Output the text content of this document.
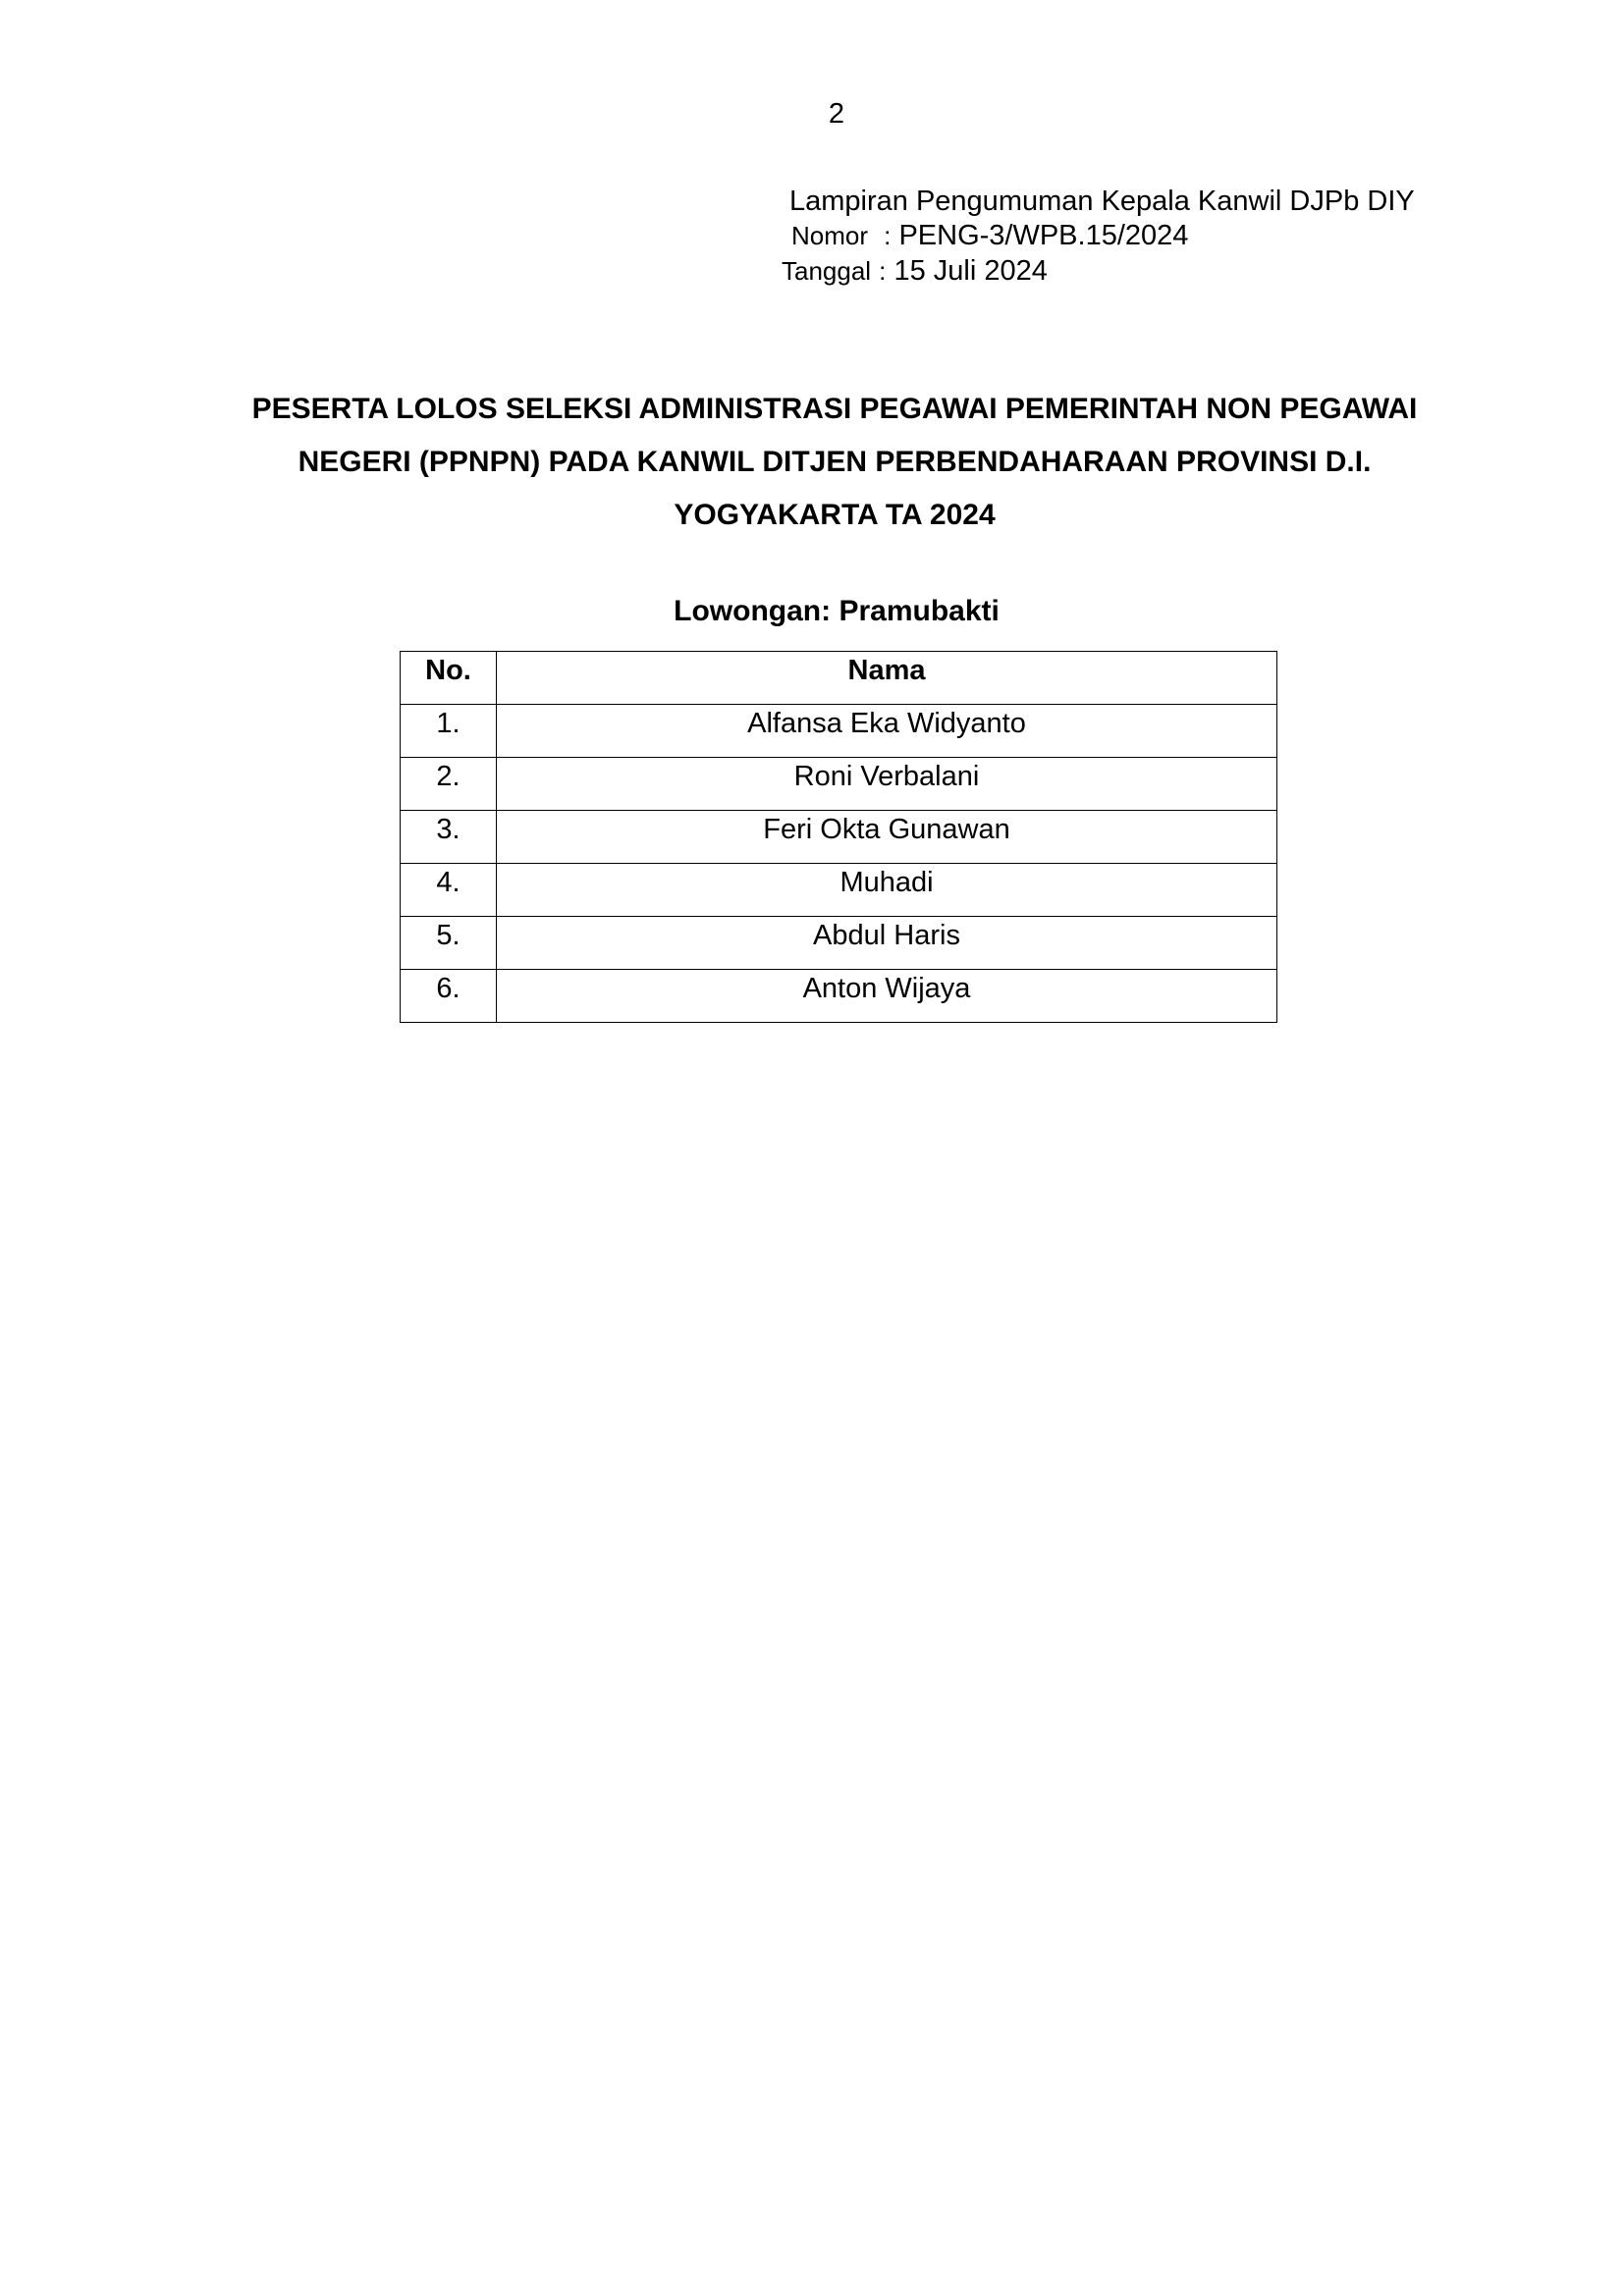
2
Lampiran Pengumuman Kepala Kanwil DJPb DIY
Nomor : PENG-3/WPB.15/2024
Tanggal : 15 Juli 2024
PESERTA LOLOS SELEKSI ADMINISTRASI PEGAWAI PEMERINTAH NON PEGAWAI
NEGERI (PPNPN) PADA KANWIL DITJEN PERBENDAHARAAN PROVINSI D.I.
YOGYAKARTA TA 2024
Lowongan: Pramubakti
No.	Nama
1.	Alfansa Eka Widyanto
2.	Roni Verbalani
3.	Feri Okta Gunawan
4.	Muhadi
5.	Abdul Haris
6.	Anton Wijaya
